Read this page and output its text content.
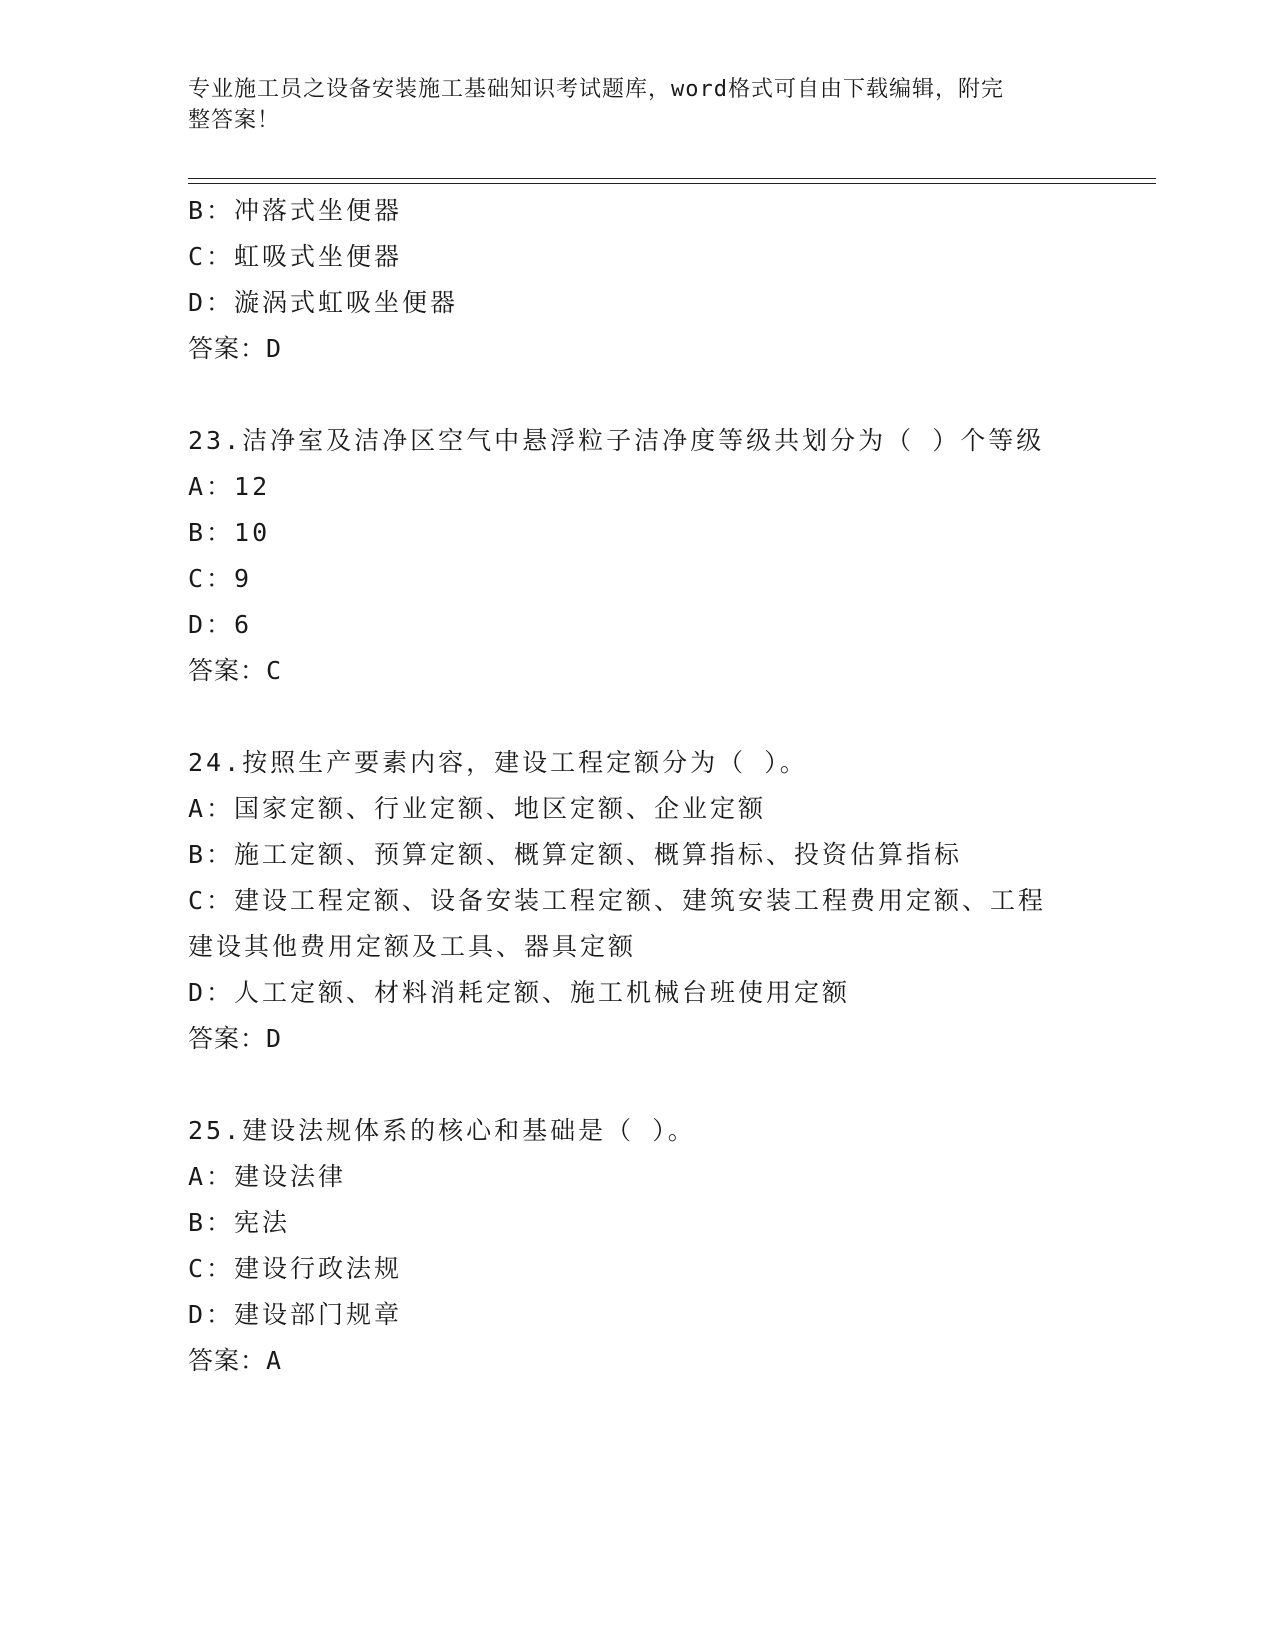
专业施工员之设备安装施工基础知识考试题库，word格式可自由下载编辑，附完
整答案！
B：冲落式坐便器
C：虹吸式坐便器
D：漩涡式虹吸坐便器
答案：D
23.洁净室及洁净区空气中悬浮粒子洁净度等级共划分为（ ）个等级
A：12
B：10
C：9
D：6
答案：C
24.按照生产要素内容，建设工程定额分为（ ）。
A：国家定额、行业定额、地区定额、企业定额
B：施工定额、预算定额、概算定额、概算指标、投资估算指标
C：建设工程定额、设备安装工程定额、建筑安装工程费用定额、工程
建设其他费用定额及工具、器具定额
D：人工定额、材料消耗定额、施工机械台班使用定额
答案：D
25.建设法规体系的核心和基础是（ ）。
A：建设法律
B：宪法
C：建设行政法规
D：建设部门规章
答案：A
